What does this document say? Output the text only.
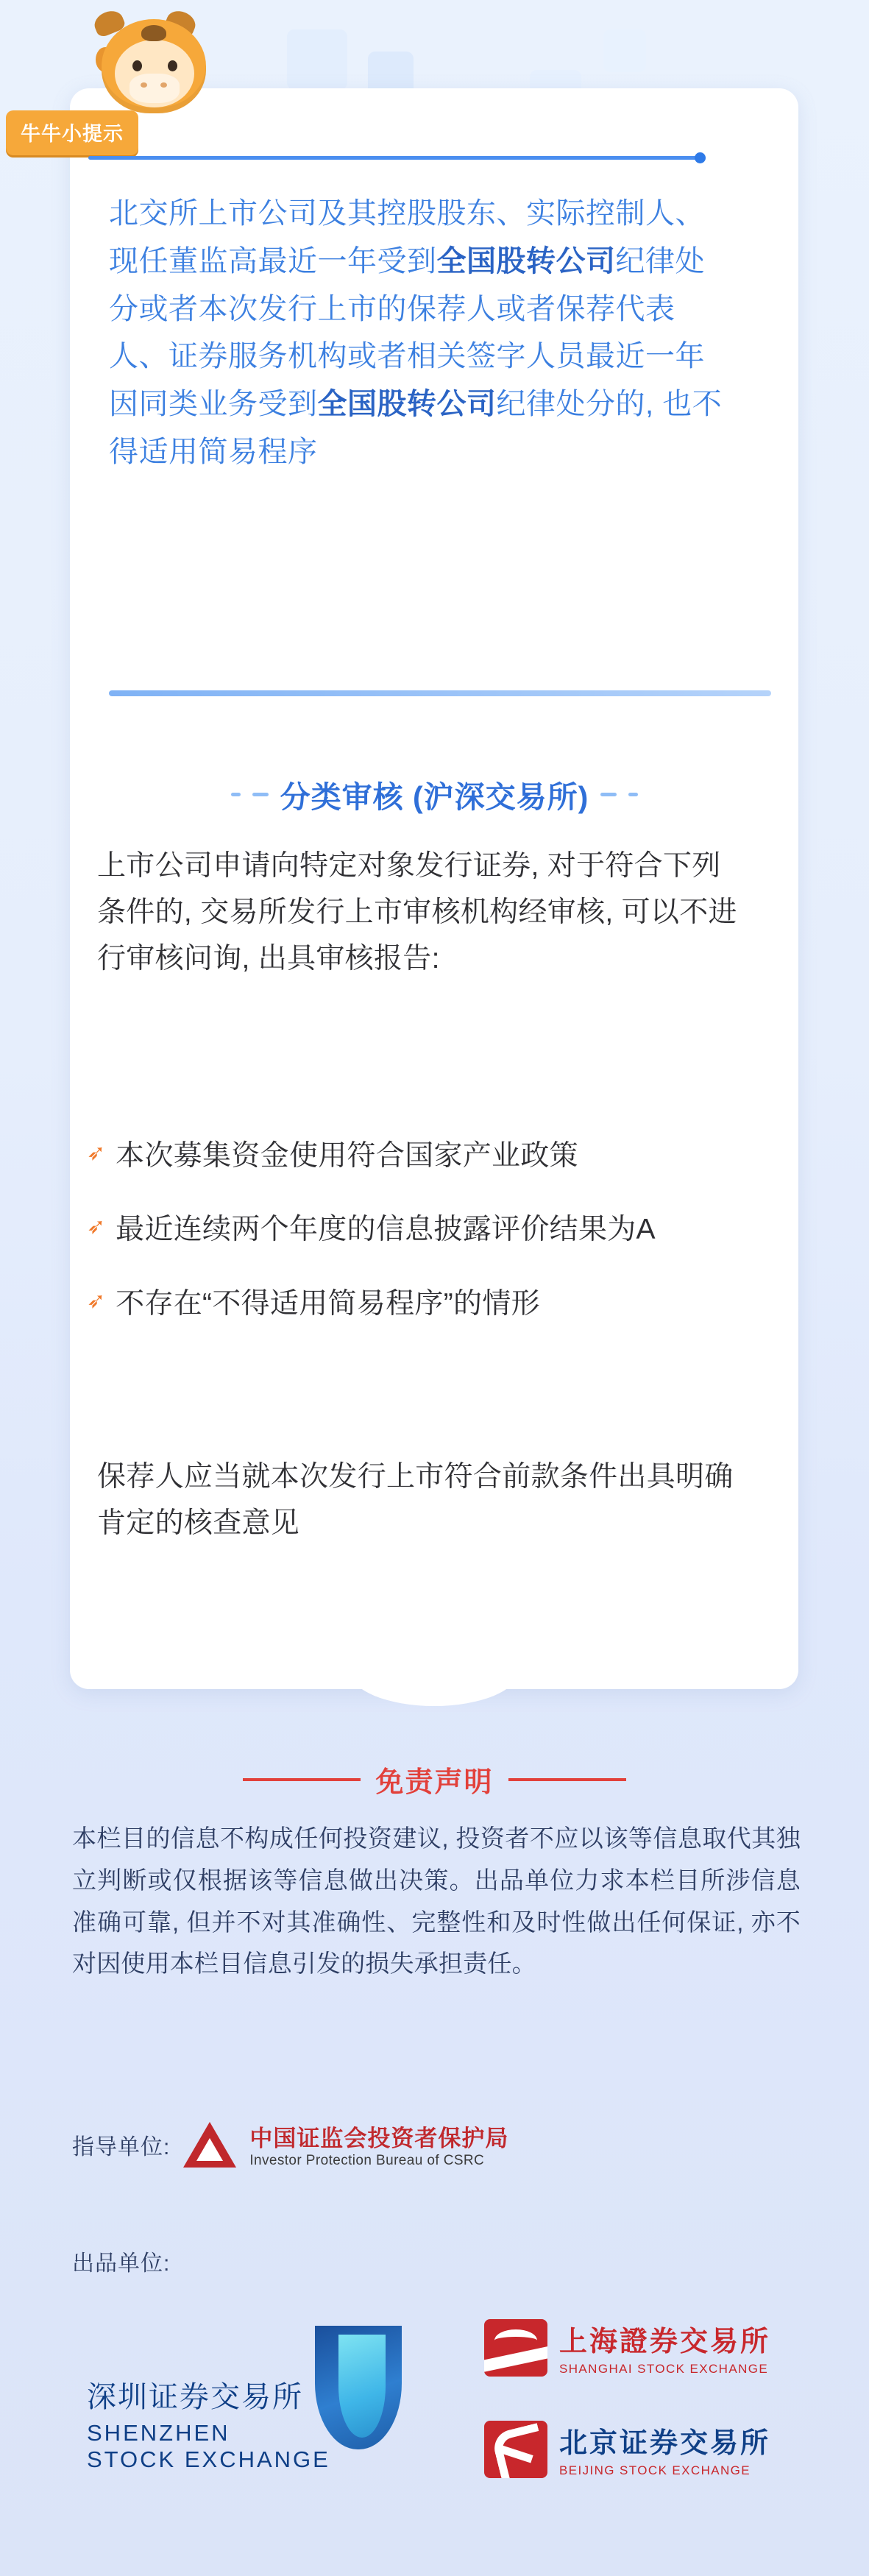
牛牛小提示
北交所上市公司及其控股股东、实际控制人、现任董监高最近一年受到全国股转公司纪律处分或者本次发行上市的保荐人或者保荐代表人、证券服务机构或者相关签字人员最近一年因同类业务受到全国股转公司纪律处分的, 也不得适用简易程序
分类审核 (沪深交易所)
上市公司申请向特定对象发行证券, 对于符合下列条件的, 交易所发行上市审核机构经审核, 可以不进行审核问询, 出具审核报告:
➶ 本次募集资金使用符合国家产业政策
➶ 最近连续两个年度的信息披露评价结果为A
➶ 不存在“不得适用简易程序”的情形
保荐人应当就本次发行上市符合前款条件出具明确肯定的核查意见
免责声明
本栏目的信息不构成任何投资建议, 投资者不应以该等信息取代其独立判断或仅根据该等信息做出决策。出品单位力求本栏目所涉信息准确可靠, 但并不对其准确性、完整性和及时性做出任何保证, 亦不对因使用本栏目信息引发的损失承担责任。
指导单位:	中国证监会投资者保护局
Investor Protection Bureau of CSRC
出品单位:
深圳证券交易所
SHENZHEN
STOCK EXCHANGE
上海證券交易所
SHANGHAI STOCK EXCHANGE
北京证券交易所
BEIJING STOCK EXCHANGE
